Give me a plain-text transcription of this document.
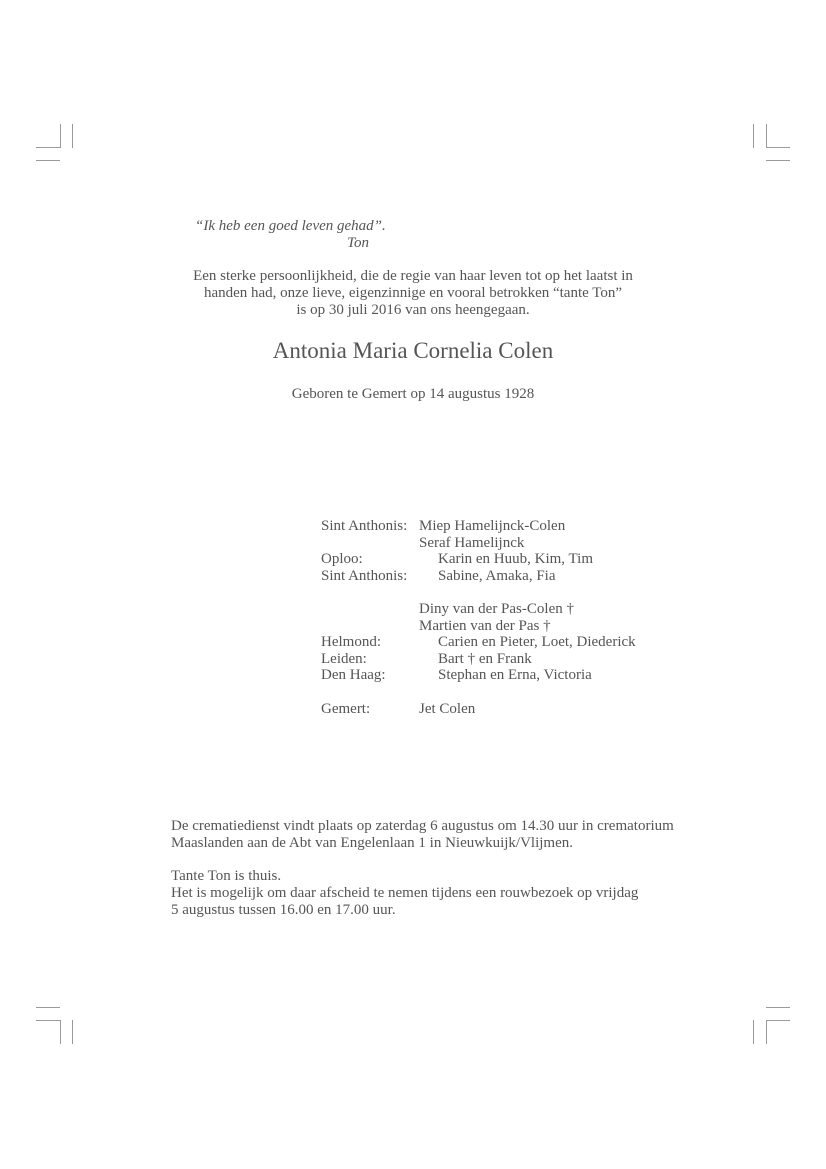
“Ik heb een goed leven gehad”.
Ton
Een sterke persoonlijkheid, die de regie van haar leven tot op het laatst in
handen had, onze lieve, eigenzinnige en vooral betrokken “tante Ton”
is op 30 juli 2016 van ons heengegaan.
Antonia Maria Cornelia Colen
Geboren te Gemert op 14 augustus 1928
Sint Anthonis: Miep Hamelijnck-Colen
Seraf Hamelijnck
Oploo:	Karin en Huub, Kim, Tim
Sint Anthonis: Sabine, Amaka, Fia
Diny van der Pas-Colen †
Martien van der Pas †
Helmond:	Carien en Pieter, Loet, Diederick
Leiden:	Bart † en Frank
Den Haag:	Stephan en Erna, Victoria
Gemert:	Jet Colen
De crematiedienst vindt plaats op zaterdag 6 augustus om 14.30 uur in crematorium
Maaslanden aan de Abt van Engelenlaan 1 in Nieuwkuijk/Vlijmen.
Tante Ton is thuis.
Het is mogelijk om daar afscheid te nemen tijdens een rouwbezoek op vrijdag
5 augustus tussen 16.00 en 17.00 uur.
